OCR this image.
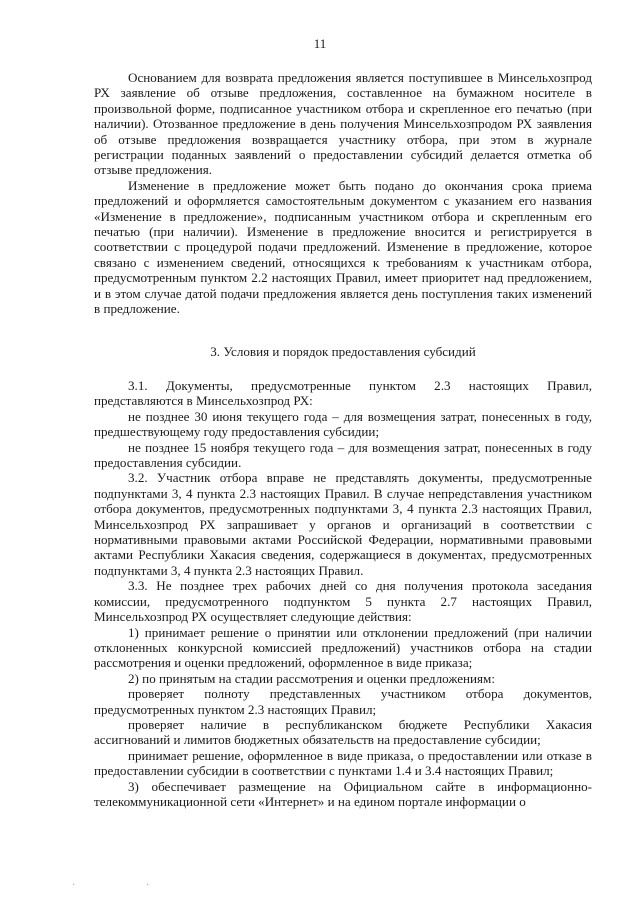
11

Основанием для возврата предложения является поступившее в Минсельхозпрод РХ заявление об отзыве предложения, составленное на бумажном носителе в произвольной форме, подписанное участником отбора и скрепленное его печатью (при наличии). Отозванное предложение в день получения Минсельхозпродом РХ заявления об отзыве предложения возвращается участнику отбора, при этом в журнале регистрации поданных заявлений о предоставлении субсидий делается отметка об отзыве предложения.

Изменение в предложение может быть подано до окончания срока приема предложений и оформляется самостоятельным документом с указанием его названия «Изменение в предложение», подписанным участником отбора и скрепленным его печатью (при наличии). Изменение в предложение вносится и регистрируется в соответствии с процедурой подачи предложений. Изменение в предложение, которое связано с изменением сведений, относящихся к требованиям к участникам отбора, предусмотренным пунктом 2.2 настоящих Правил, имеет приоритет над предложением, и в этом случае датой подачи предложения является день поступления таких изменений в предложение.

3. Условия и порядок предоставления субсидий

3.1. Документы, предусмотренные пунктом 2.3 настоящих Правил, представляются в Минсельхозпрод РХ:

не позднее 30 июня текущего года – для возмещения затрат, понесенных в году, предшествующему году предоставления субсидии;

не позднее 15 ноября текущего года – для возмещения затрат, понесенных в году предоставления субсидии.

3.2. Участник отбора вправе не представлять документы, предусмотренные подпунктами 3, 4 пункта 2.3 настоящих Правил. В случае непредставления участником отбора документов, предусмотренных подпунктами 3, 4 пункта 2.3 настоящих Правил, Минсельхозпрод РХ запрашивает у органов и организаций в соответствии с нормативными правовыми актами Российской Федерации, нормативными правовыми актами Республики Хакасия сведения, содержащиеся в документах, предусмотренных подпунктами 3, 4 пункта 2.3 настоящих Правил.

3.3. Не позднее трех рабочих дней со дня получения протокола заседания комиссии, предусмотренного подпунктом 5 пункта 2.7 настоящих Правил, Минсельхозпрод РХ осуществляет следующие действия:

1) принимает решение о принятии или отклонении предложений (при наличии отклоненных конкурсной комиссией предложений) участников отбора на стадии рассмотрения и оценки предложений, оформленное в виде приказа;

2) по принятым на стадии рассмотрения и оценки предложениям:

проверяет полноту представленных участником отбора документов, предусмотренных пунктом 2.3 настоящих Правил;

проверяет наличие в республиканском бюджете Республики Хакасия ассигнований и лимитов бюджетных обязательств на предоставление субсидии;

принимает решение, оформленное в виде приказа, о предоставлении или отказе в предоставлении субсидии в соответствии с пунктами 1.4 и 3.4 настоящих Правил;

3) обеспечивает размещение на Официальном сайте в информационно-телекоммуникационной сети «Интернет» и на едином портале информации о

·	·
